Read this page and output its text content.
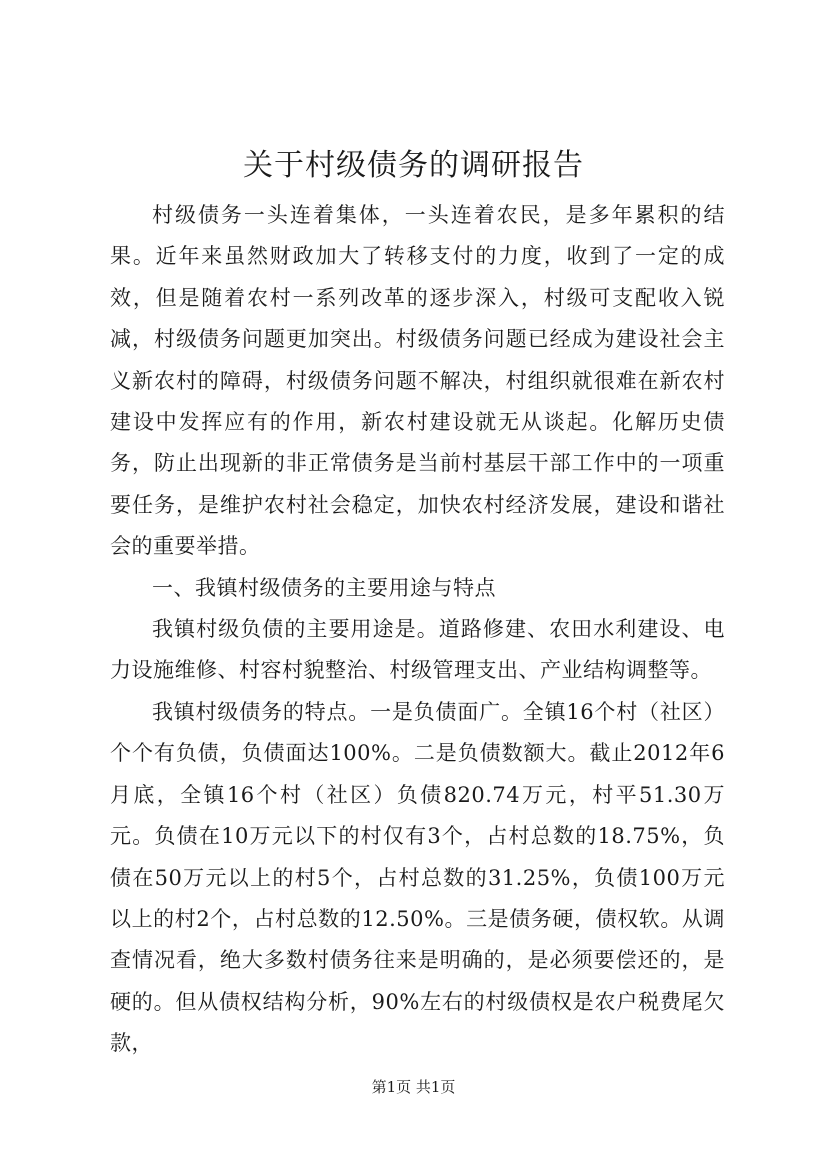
关于村级债务的调研报告

村级债务一头连着集体，一头连着农民，是多年累积的结果。近年来虽然财政加大了转移支付的力度，收到了一定的成效，但是随着农村一系列改革的逐步深入，村级可支配收入锐减，村级债务问题更加突出。村级债务问题已经成为建设社会主义新农村的障碍，村级债务问题不解决，村组织就很难在新农村建设中发挥应有的作用，新农村建设就无从谈起。化解历史债务，防止出现新的非正常债务是当前村基层干部工作中的一项重要任务，是维护农村社会稳定，加快农村经济发展，建设和谐社会的重要举措。

一、我镇村级债务的主要用途与特点

我镇村级负债的主要用途是。道路修建、农田水利建设、电力设施维修、村容村貌整治、村级管理支出、产业结构调整等。

我镇村级债务的特点。一是负债面广。全镇16个村（社区）个个有负债，负债面达100%。二是负债数额大。截止2012年6月底，全镇16个村（社区）负债820.74万元，村平51.30万元。负债在10万元以下的村仅有3个，占村总数的18.75%，负债在50万元以上的村5个，占村总数的31.25%，负债100万元以上的村2个，占村总数的12.50%。三是债务硬，债权软。从调查情况看，绝大多数村债务往来是明确的，是必须要偿还的，是硬的。但从债权结构分析，90%左右的村级债权是农户税费尾欠款，

第1页 共1页
